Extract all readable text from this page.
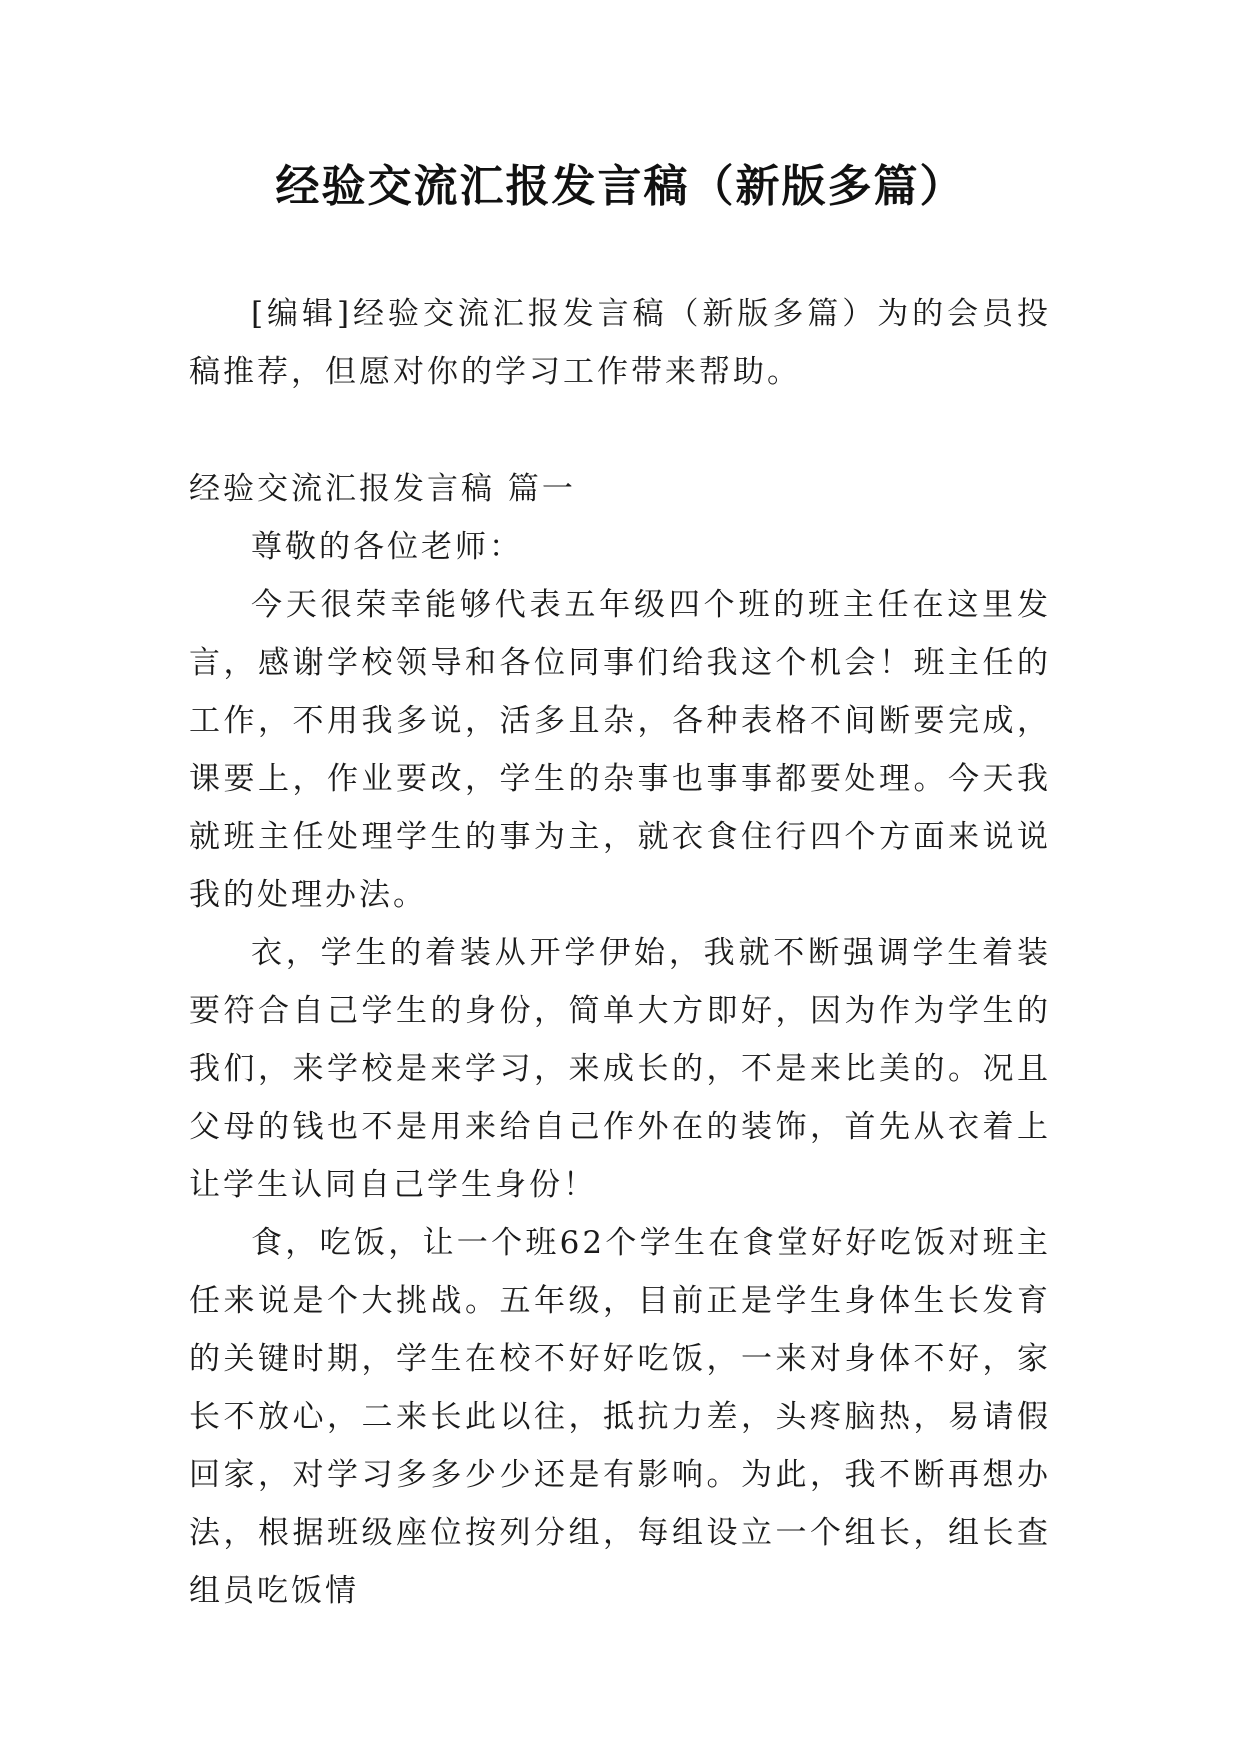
经验交流汇报发言稿（新版多篇）

[编辑]经验交流汇报发言稿（新版多篇）为的会员投稿推荐，但愿对你的学习工作带来帮助。

经验交流汇报发言稿 篇一

尊敬的各位老师：

今天很荣幸能够代表五年级四个班的班主任在这里发言，感谢学校领导和各位同事们给我这个机会！班主任的工作，不用我多说，活多且杂，各种表格不间断要完成，课要上，作业要改，学生的杂事也事事都要处理。今天我就班主任处理学生的事为主，就衣食住行四个方面来说说我的处理办法。

衣，学生的着装从开学伊始，我就不断强调学生着装要符合自己学生的身份，简单大方即好，因为作为学生的我们，来学校是来学习，来成长的，不是来比美的。况且父母的钱也不是用来给自己作外在的装饰，首先从衣着上让学生认同自己学生身份！

食，吃饭，让一个班62个学生在食堂好好吃饭对班主任来说是个大挑战。五年级，目前正是学生身体生长发育的关键时期，学生在校不好好吃饭，一来对身体不好，家长不放心，二来长此以往，抵抗力差，头疼脑热，易请假回家，对学习多多少少还是有影响。为此，我不断再想办法，根据班级座位按列分组，每组设立一个组长，组长查组员吃饭情
